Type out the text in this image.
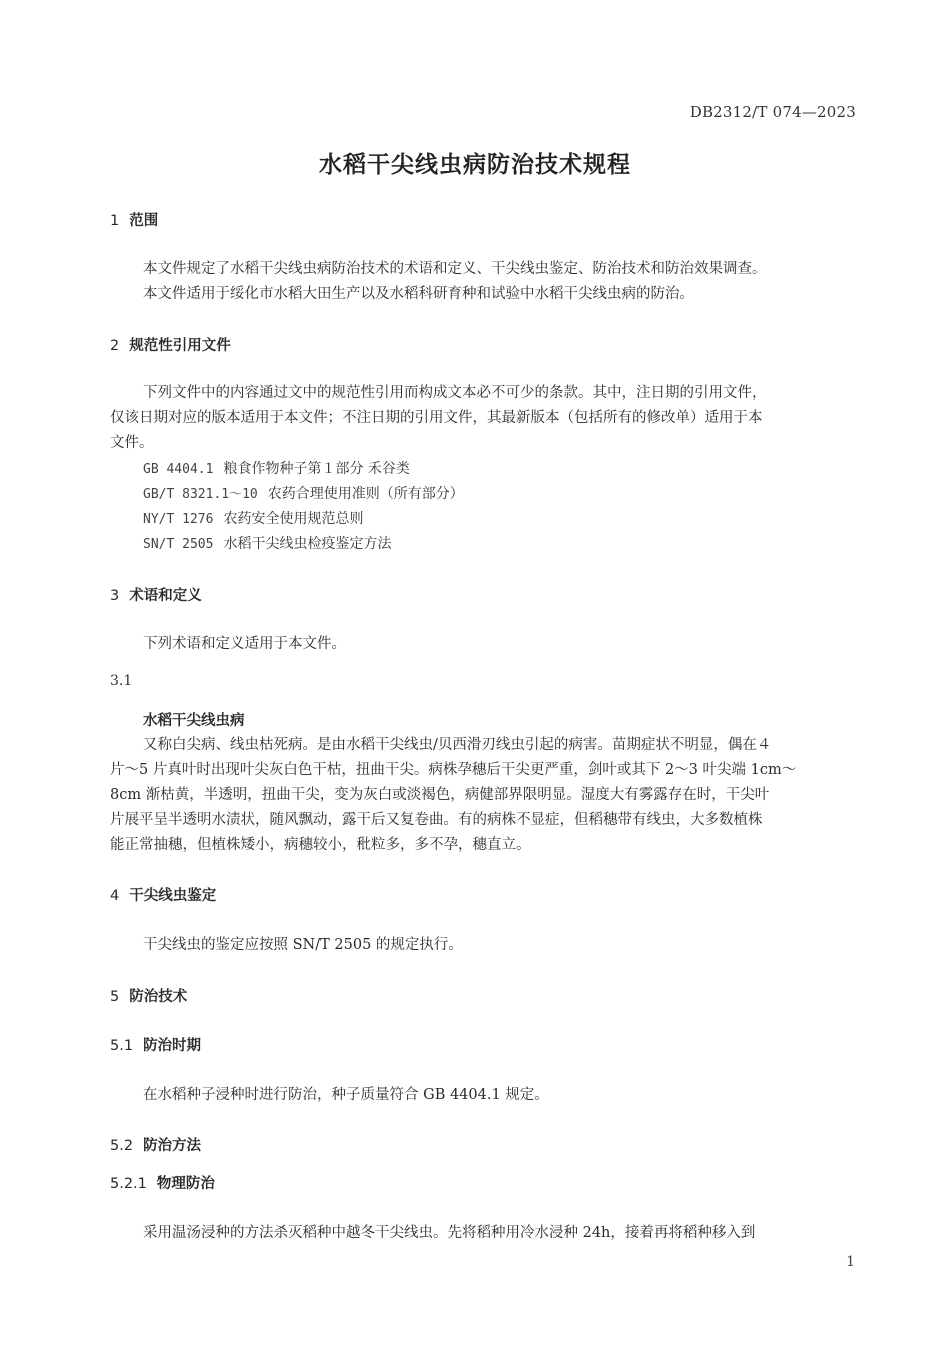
DB2312/T 074—2023
水稻干尖线虫病防治技术规程
1 范围

本文件规定了水稻干尖线虫病防治技术的术语和定义、干尖线虫鉴定、防治技术和防治效果调查。

本文件适用于绥化市水稻大田生产以及水稻科研育种和试验中水稻干尖线虫病的防治。

2 规范性引用文件
下列文件中的内容通过文中的规范性引用而构成文本必不可少的条款。其中，注日期的引用文件，
仅该日期对应的版本适用于本文件；不注日期的引用文件，其最新版本（包括所有的修改单）适用于本
文件。
GB 4404.1 粮食作物种子第１部分 禾谷类
GB/T 8321.1～10 农药合理使用准则（所有部分）
NY/T 1276 农药安全使用规范总则
SN/T 2505 水稻干尖线虫检疫鉴定方法
3 术语和定义

下列术语和定义适用于本文件。

3.1
水稻干尖线虫病
又称白尖病、线虫枯死病。是由水稻干尖线虫/贝西滑刃线虫引起的病害。苗期症状不明显，偶在４
片～5 片真叶时出现叶尖灰白色干枯，扭曲干尖。病株孕穗后干尖更严重，剑叶或其下 2～3 叶尖端 1cm～
8cm 渐枯黄，半透明，扭曲干尖，变为灰白或淡褐色，病健部界限明显。湿度大有雾露存在时，干尖叶
片展平呈半透明水渍状，随风飘动，露干后又复卷曲。有的病株不显症，但稻穗带有线虫，大多数植株
能正常抽穗，但植株矮小，病穗较小，秕粒多，多不孕，穗直立。
4 干尖线虫鉴定

干尖线虫的鉴定应按照 SN/T 2505 的规定执行。

5 防治技术
5.1 防治时期

在水稻种子浸种时进行防治，种子质量符合 GB 4404.1 规定。

5.2 防治方法
5.2.1 物理防治

采用温汤浸种的方法杀灭稻种中越冬干尖线虫。先将稻种用冷水浸种 24h，接着再将稻种移入到

1
